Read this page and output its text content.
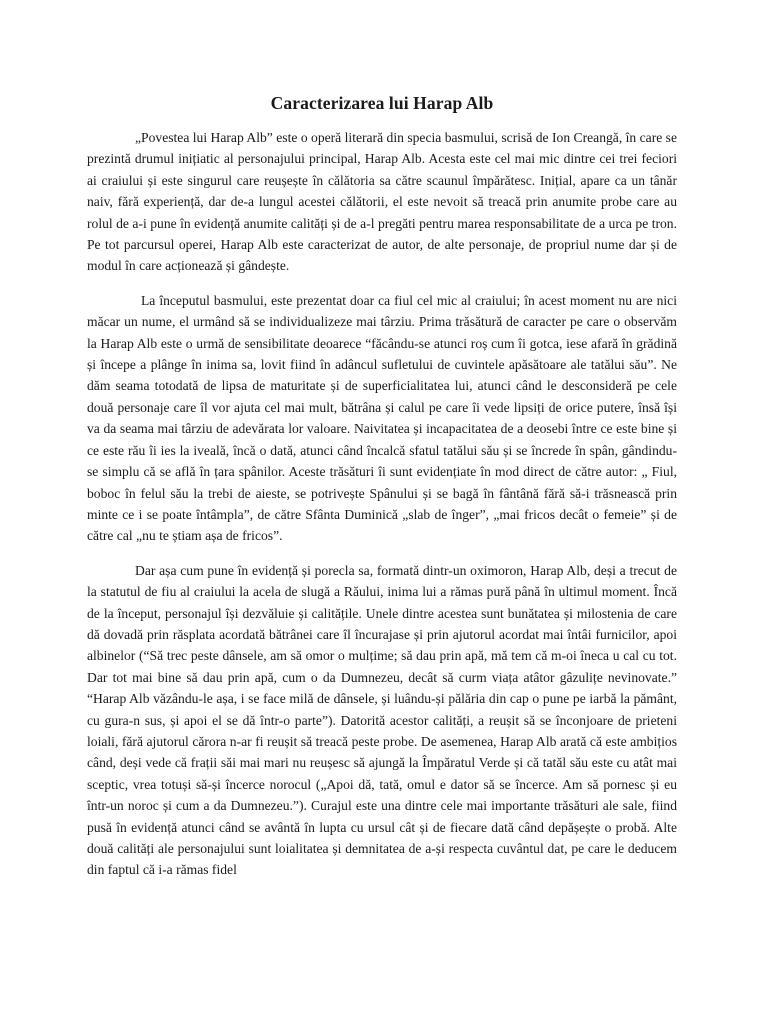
Caracterizarea lui Harap Alb

„Povestea lui Harap Alb” este o operă literară din specia basmului, scrisă de Ion Creangă, în care se prezintă drumul inițiatic al personajului principal, Harap Alb. Acesta este cel mai mic dintre cei trei feciori ai craiului și este singurul care reușește în călătoria sa către scaunul împărătesc. Inițial, apare ca un tânăr naiv, fără experiență, dar de-a lungul acestei călătorii, el este nevoit să treacă prin anumite probe care au rolul de a-i pune în evidență anumite calități și de a-l pregăti pentru marea responsabilitate de a urca pe tron. Pe tot parcursul operei, Harap Alb este caracterizat de autor, de alte personaje, de propriul nume dar și de modul în care acționează și gândește.

La începutul basmului, este prezentat doar ca fiul cel mic al craiului; în acest moment nu are nici măcar un nume, el urmând să se individualizeze mai târziu. Prima trăsătură de caracter pe care o observăm la Harap Alb este o urmă de sensibilitate deoarece “făcându-se atunci roș cum îi gotca, iese afară în grădină și începe a plânge în inima sa, lovit fiind în adâncul sufletului de cuvintele apăsătoare ale tatălui său”. Ne dăm seama totodată de lipsa de maturitate și de superficialitatea lui, atunci când le desconsideră pe cele două personaje care îl vor ajuta cel mai mult, bătrâna și calul pe care îi vede lipsiți de orice putere, însă își va da seama mai târziu de adevărata lor valoare. Naivitatea și incapacitatea de a deosebi între ce este bine și ce este rău îi ies la iveală, încă o dată, atunci când încalcă sfatul tatălui său și se încrede în spân, gândindu-se simplu că se află în țara spânilor. Aceste trăsături îi sunt evidențiate în mod direct de către autor: „ Fiul, boboc în felul său la trebi de aieste, se potrivește Spânului și se bagă în fântână fără să-i trăsnească prin minte ce i se poate întâmpla”, de către Sfânta Duminică „slab de înger”, „mai fricos decât o femeie” și de către cal „nu te știam așa de fricos”.

Dar așa cum pune în evidență și porecla sa, formată dintr-un oximoron, Harap Alb, deși a trecut de la statutul de fiu al craiului la acela de slugă a Răului, inima lui a rămas pură până în ultimul moment. Încă de la început, personajul își dezvăluie și calitățile. Unele dintre acestea sunt bunătatea și milostenia de care dă dovadă prin răsplata acordată bătrânei care îl încurajase și prin ajutorul acordat mai întâi furnicilor, apoi albinelor (“Să trec peste dânsele, am să omor o mulțime; să dau prin apă, mă tem că m-oi îneca u cal cu tot. Dar tot mai bine să dau prin apă, cum o da Dumnezeu, decât să curm viața atâtor gâzulițe nevinovate.” “Harap Alb văzându-le așa, i se face milă de dânsele, și luându-și pălăria din cap o pune pe iarbă la pământ, cu gura-n sus, și apoi el se dă într-o parte”). Datorită acestor calități, a reușit să se înconjoare de prieteni loiali, fără ajutorul cărora n-ar fi reușit să treacă peste probe. De asemenea, Harap Alb arată că este ambițios când, deși vede că frații săi mai mari nu reușesc să ajungă la Împăratul Verde și că tatăl său este cu atât mai sceptic, vrea totuși să-și încerce norocul („Apoi dă, tată, omul e dator să se încerce. Am să pornesc și eu într-un noroc și cum a da Dumnezeu.”). Curajul este una dintre cele mai importante trăsături ale sale, fiind pusă în evidență atunci când se avântă în lupta cu ursul cât și de fiecare dată când depășește o probă. Alte două calități ale personajului sunt loialitatea și demnitatea de a-și respecta cuvântul dat, pe care le deducem din faptul că i-a rămas fidel
